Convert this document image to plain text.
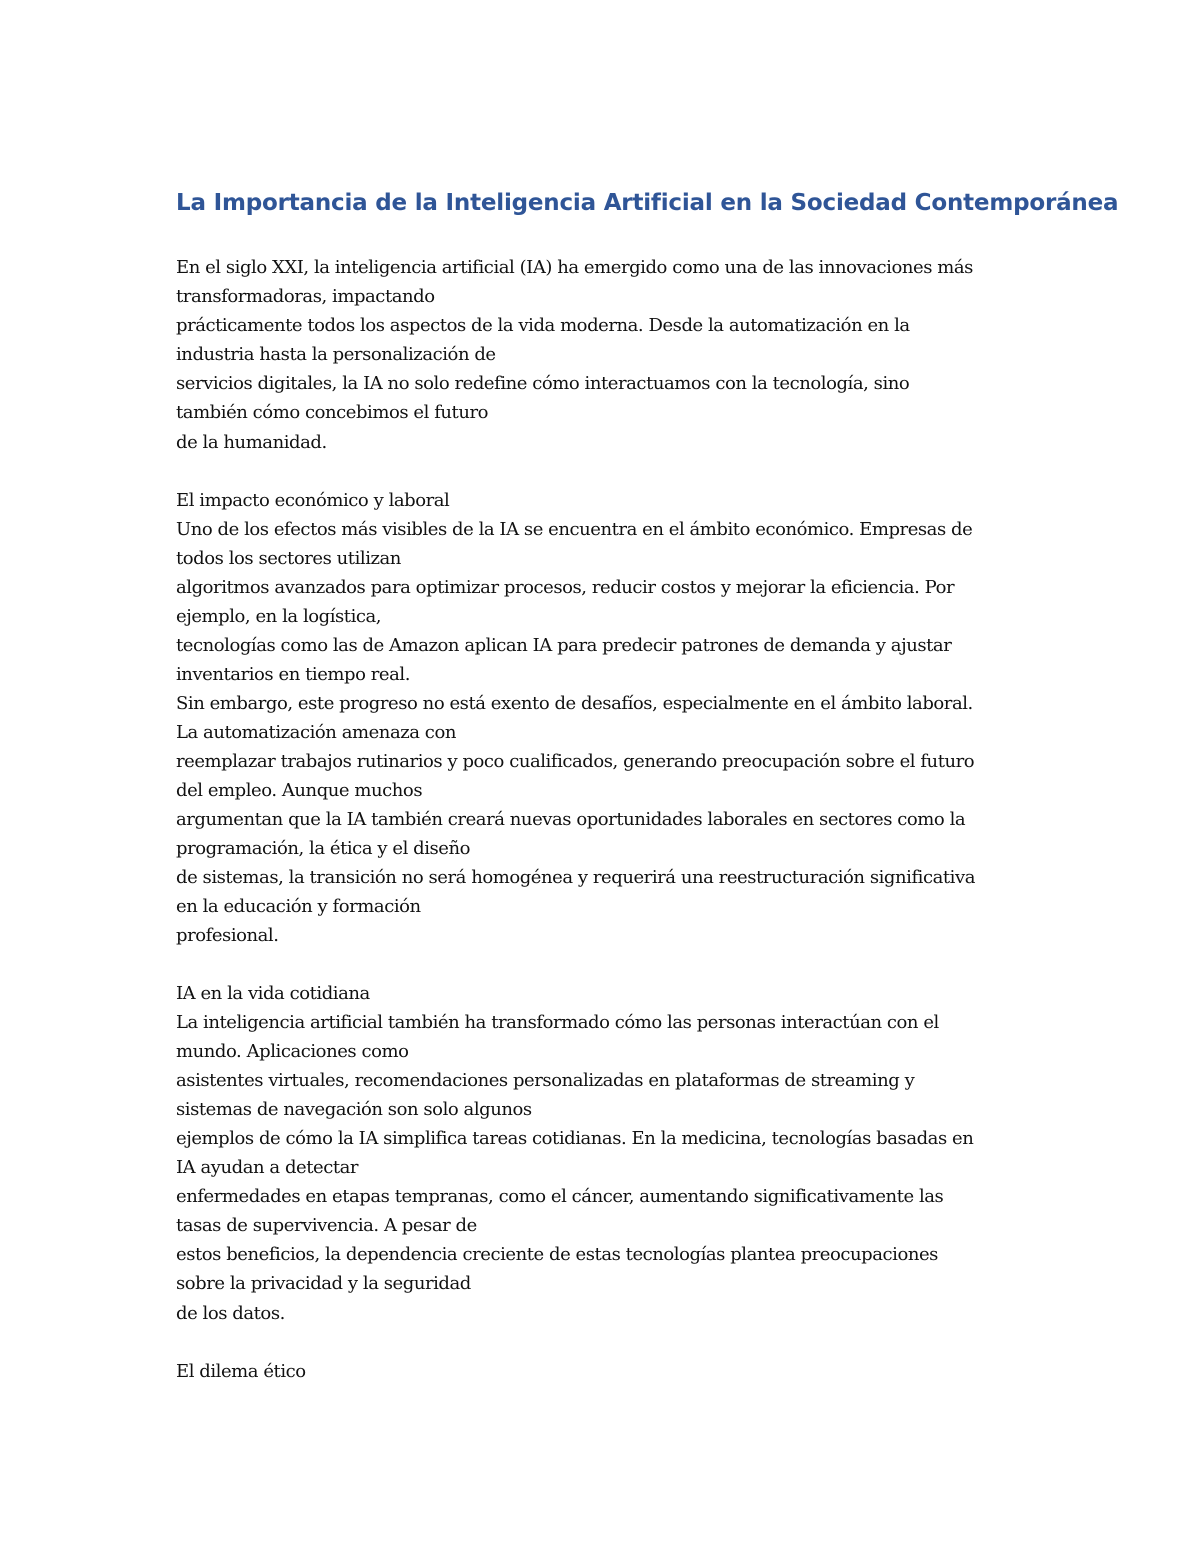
La Importancia de la Inteligencia Artificial en la Sociedad Contemporánea

En el siglo XXI, la inteligencia artificial (IA) ha emergido como una de las innovaciones más

transformadoras, impactando

prácticamente todos los aspectos de la vida moderna. Desde la automatización en la

industria hasta la personalización de

servicios digitales, la IA no solo redefine cómo interactuamos con la tecnología, sino

también cómo concebimos el futuro

de la humanidad.

El impacto económico y laboral

Uno de los efectos más visibles de la IA se encuentra en el ámbito económico. Empresas de

todos los sectores utilizan

algoritmos avanzados para optimizar procesos, reducir costos y mejorar la eficiencia. Por

ejemplo, en la logística,

tecnologías como las de Amazon aplican IA para predecir patrones de demanda y ajustar

inventarios en tiempo real.

Sin embargo, este progreso no está exento de desafíos, especialmente en el ámbito laboral.

La automatización amenaza con

reemplazar trabajos rutinarios y poco cualificados, generando preocupación sobre el futuro

del empleo. Aunque muchos

argumentan que la IA también creará nuevas oportunidades laborales en sectores como la

programación, la ética y el diseño

de sistemas, la transición no será homogénea y requerirá una reestructuración significativa

en la educación y formación

profesional.

IA en la vida cotidiana

La inteligencia artificial también ha transformado cómo las personas interactúan con el

mundo. Aplicaciones como

asistentes virtuales, recomendaciones personalizadas en plataformas de streaming y

sistemas de navegación son solo algunos

ejemplos de cómo la IA simplifica tareas cotidianas. En la medicina, tecnologías basadas en

IA ayudan a detectar

enfermedades en etapas tempranas, como el cáncer, aumentando significativamente las

tasas de supervivencia. A pesar de

estos beneficios, la dependencia creciente de estas tecnologías plantea preocupaciones

sobre la privacidad y la seguridad

de los datos.

El dilema ético
